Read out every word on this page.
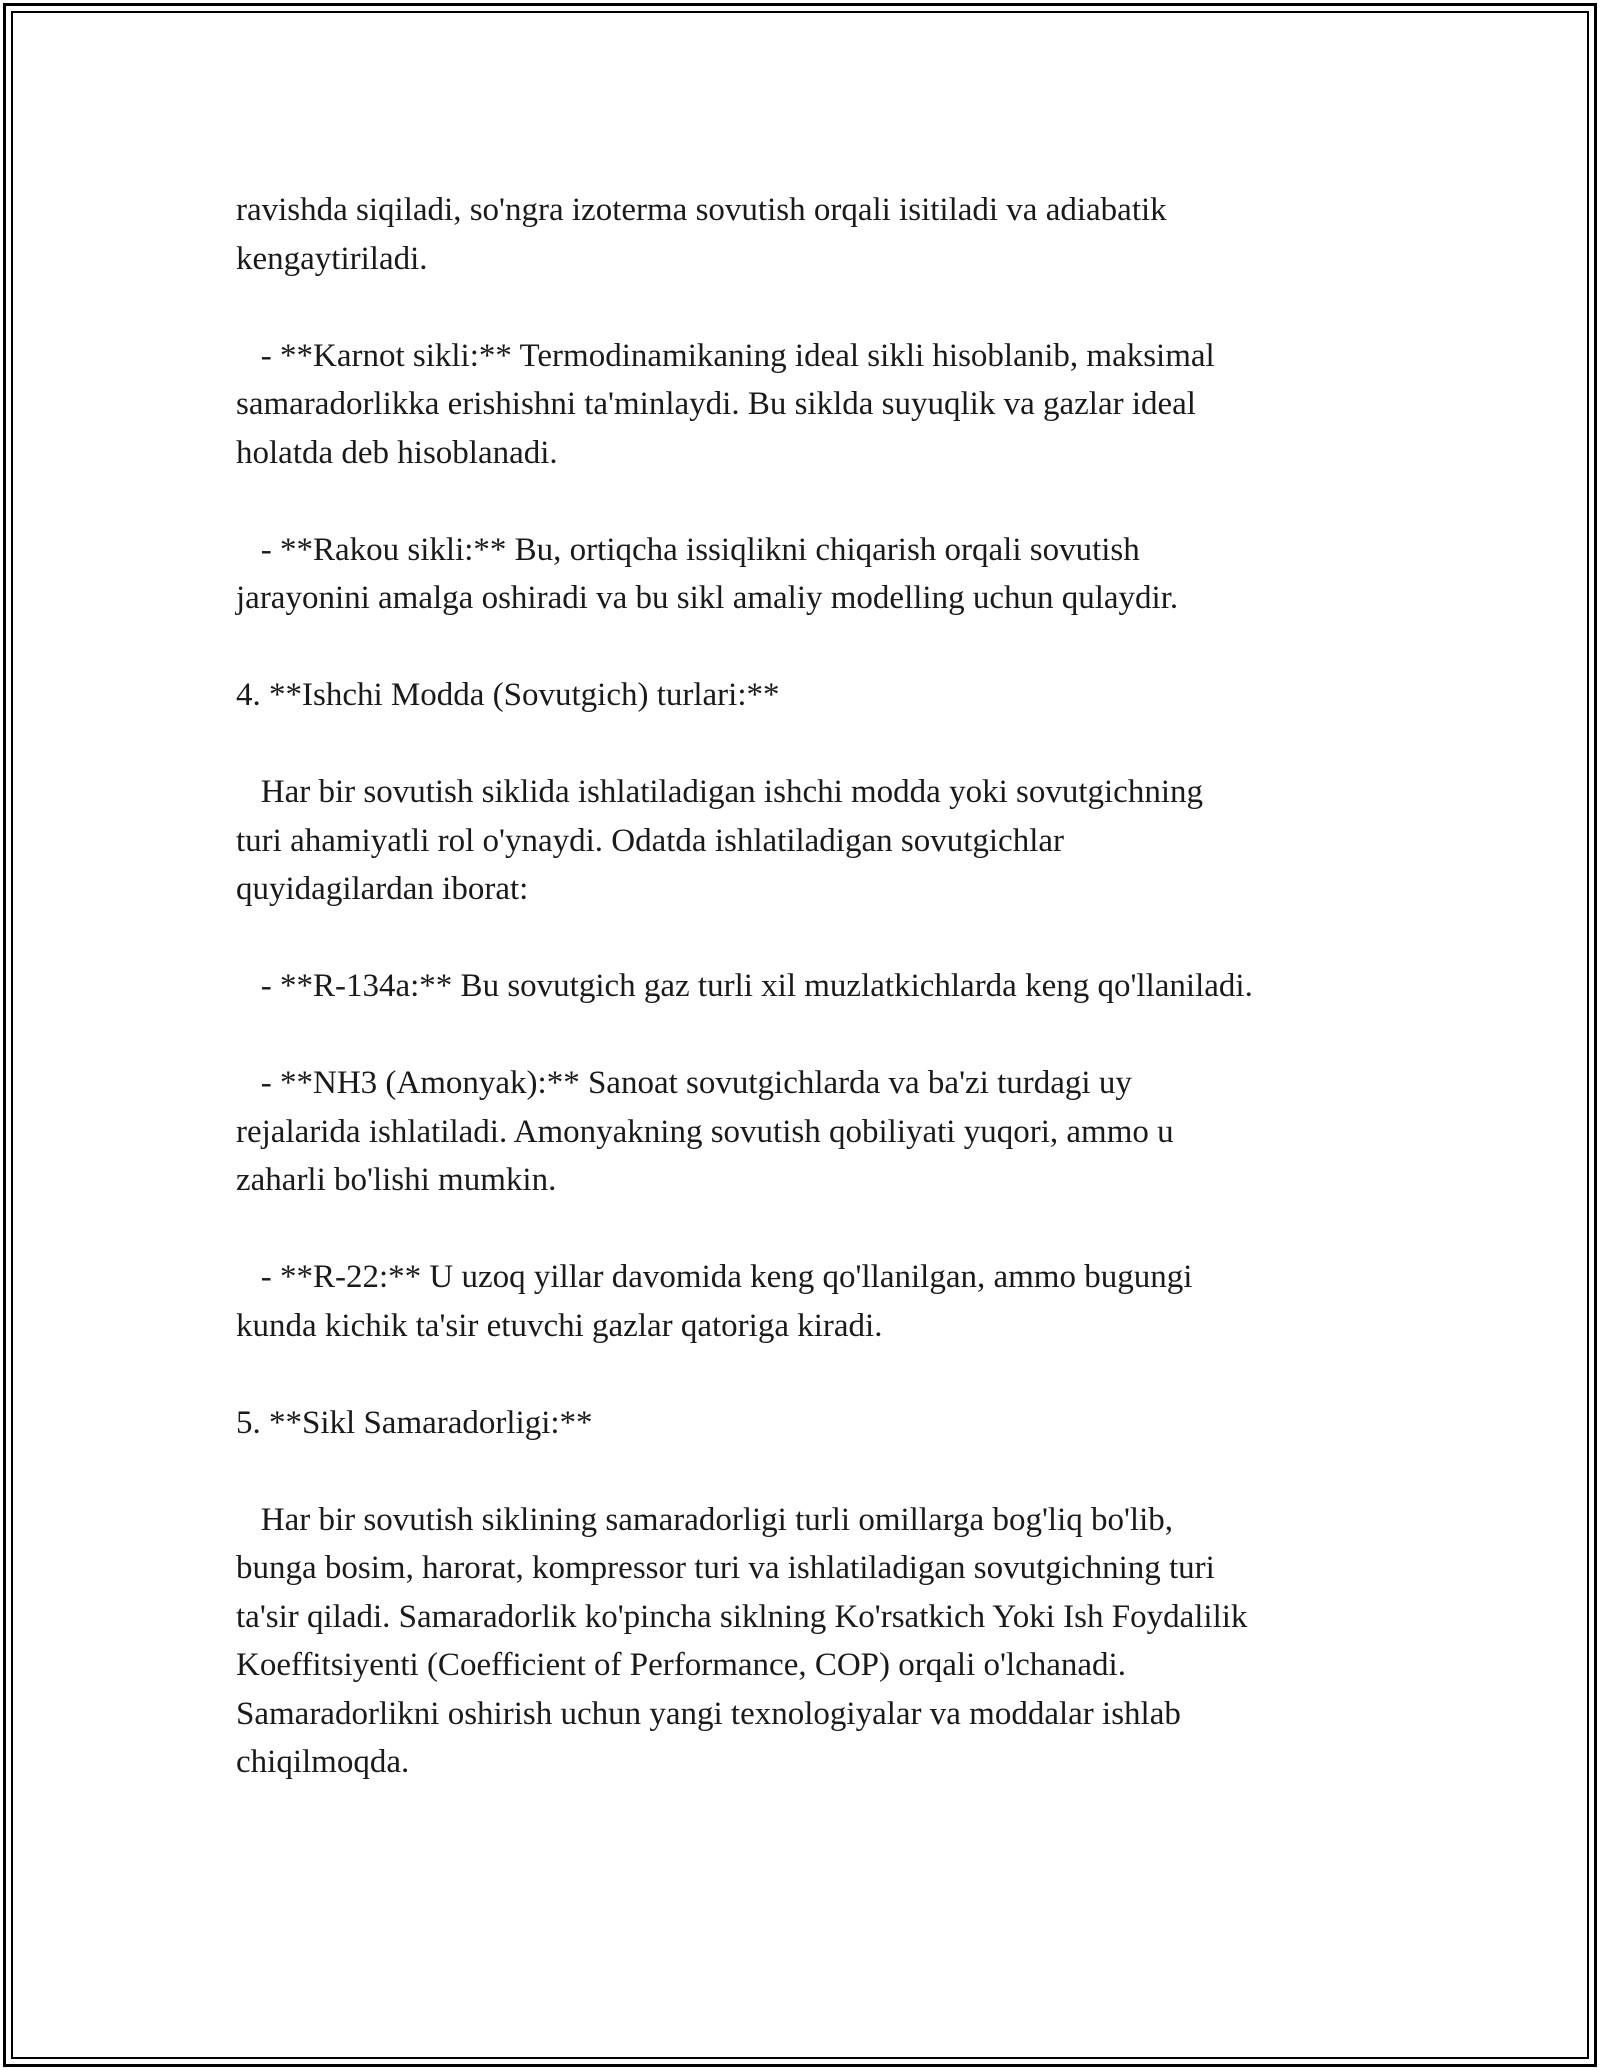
ravishda siqiladi, so'ngra izoterma sovutish orqali isitiladi va adiabatik
kengaytiriladi.

- **Karnot sikli:** Termodinamikaning ideal sikli hisoblanib, maksimal
samaradorlikka erishishni ta'minlaydi. Bu siklda suyuqlik va gazlar ideal
holatda deb hisoblanadi.

- **Rakou sikli:** Bu, ortiqcha issiqlikni chiqarish orqali sovutish
jarayonini amalga oshiradi va bu sikl amaliy modelling uchun qulaydir.

4. **Ishchi Modda (Sovutgich) turlari:**

Har bir sovutish siklida ishlatiladigan ishchi modda yoki sovutgichning
turi ahamiyatli rol o'ynaydi. Odatda ishlatiladigan sovutgichlar
quyidagilardan iborat:

- **R-134a:** Bu sovutgich gaz turli xil muzlatkichlarda keng qo'llaniladi.

- **NH3 (Amonyak):** Sanoat sovutgichlarda va ba'zi turdagi uy
rejalarida ishlatiladi. Amonyakning sovutish qobiliyati yuqori, ammo u
zaharli bo'lishi mumkin.

- **R-22:** U uzoq yillar davomida keng qo'llanilgan, ammo bugungi
kunda kichik ta'sir etuvchi gazlar qatoriga kiradi.

5. **Sikl Samaradorligi:**

Har bir sovutish siklining samaradorligi turli omillarga bog'liq bo'lib,
bunga bosim, harorat, kompressor turi va ishlatiladigan sovutgichning turi
ta'sir qiladi. Samaradorlik ko'pincha siklning Ko'rsatkich Yoki Ish Foydalilik
Koeffitsiyenti (Coefficient of Performance, COP) orqali o'lchanadi.
Samaradorlikni oshirish uchun yangi texnologiyalar va moddalar ishlab
chiqilmoqda.
